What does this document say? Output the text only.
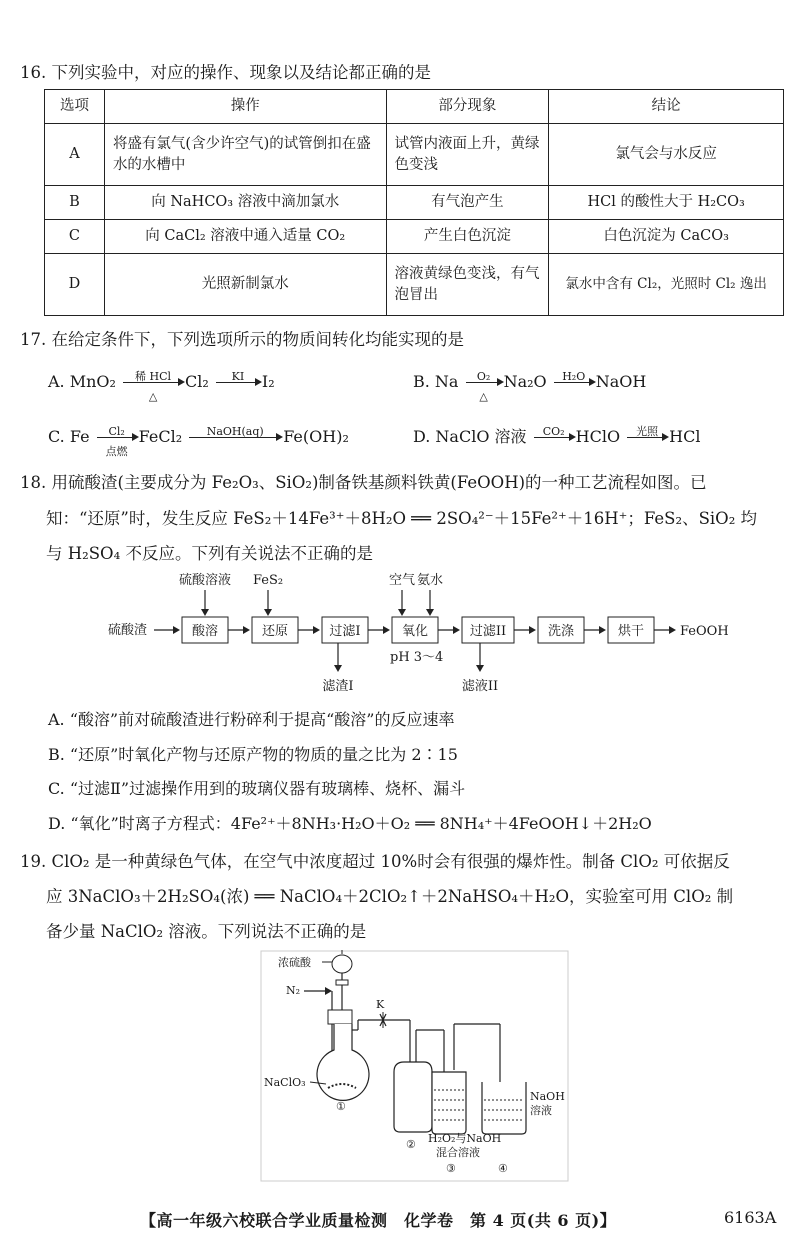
16. 下列实验中，对应的操作、现象以及结论都正确的是
选项	操作	部分现象	结论
A	将盛有氯气(含少许空气)的试管倒扣在盛水的水槽中	试管内液面上升，黄绿色变浅	氯气会与水反应
B	向 NaHCO₃ 溶液中滴加氯水	有气泡产生	HCl 的酸性大于 H₂CO₃
C	向 CaCl₂ 溶液中通入适量 CO₂	产生白色沉淀	白色沉淀为 CaCO₃
D	光照新制氯水	溶液黄绿色变浅，有气泡冒出	氯水中含有 Cl₂，光照时 Cl₂ 逸出
17. 在给定条件下，下列选项所示的物质间转化均能实现的是
A. MnO₂	稀 HCl
△
Cl₂	KI	I₂	B. Na	O₂
△
Na₂O	H₂O NaOH
C. Fe	Cl₂
点燃
FeCl₂	NaOH(aq)	Fe(OH)₂	D. NaClO 溶液	CO₂ HClO	光照 HCl
18. 用硫酸渣(主要成分为 Fe₂O₃、SiO₂)制备铁基颜料铁黄(FeOOH)的一种工艺流程如图。已
知：“还原”时，发生反应 FeS₂＋14Fe³⁺＋8H₂O ══ 2SO₄²⁻＋15Fe²⁺＋16H⁺；FeS₂、SiO₂ 均
与 H₂SO₄ 不反应。下列有关说法不正确的是
硫酸渣	酸溶	还原	过滤I	氧化	过滤II	洗涤	烘干	FeOOH
硫酸溶液 FeS₂	空气 氨水
pH 3～4
滤渣I	滤液II
A. “酸溶”前对硫酸渣进行粉碎利于提高“酸溶”的反应速率
B. “还原”时氧化产物与还原产物的物质的量之比为 2∶15
C. “过滤Ⅱ”过滤操作用到的玻璃仪器有玻璃棒、烧杯、漏斗
D. “氧化”时离子方程式：4Fe²⁺＋8NH₃·H₂O＋O₂ ══ 8NH₄⁺＋4FeOOH↓＋2H₂O
19. ClO₂ 是一种黄绿色气体，在空气中浓度超过 10%时会有很强的爆炸性。制备 ClO₂ 可依据反
应 3NaClO₃＋2H₂SO₄(浓) ══ NaClO₄＋2ClO₂↑＋2NaHSO₄＋H₂O，实验室可用 ClO₂ 制
备少量 NaClO₂ 溶液。下列说法不正确的是
浓硫酸
N₂
NaClO₃
①
K
②
NaOH
溶液
H₂O₂与NaOH
混合溶液
③	④
【高一年级六校联合学业质量检测　化学卷　第 4 页(共 6 页)】	6163A
